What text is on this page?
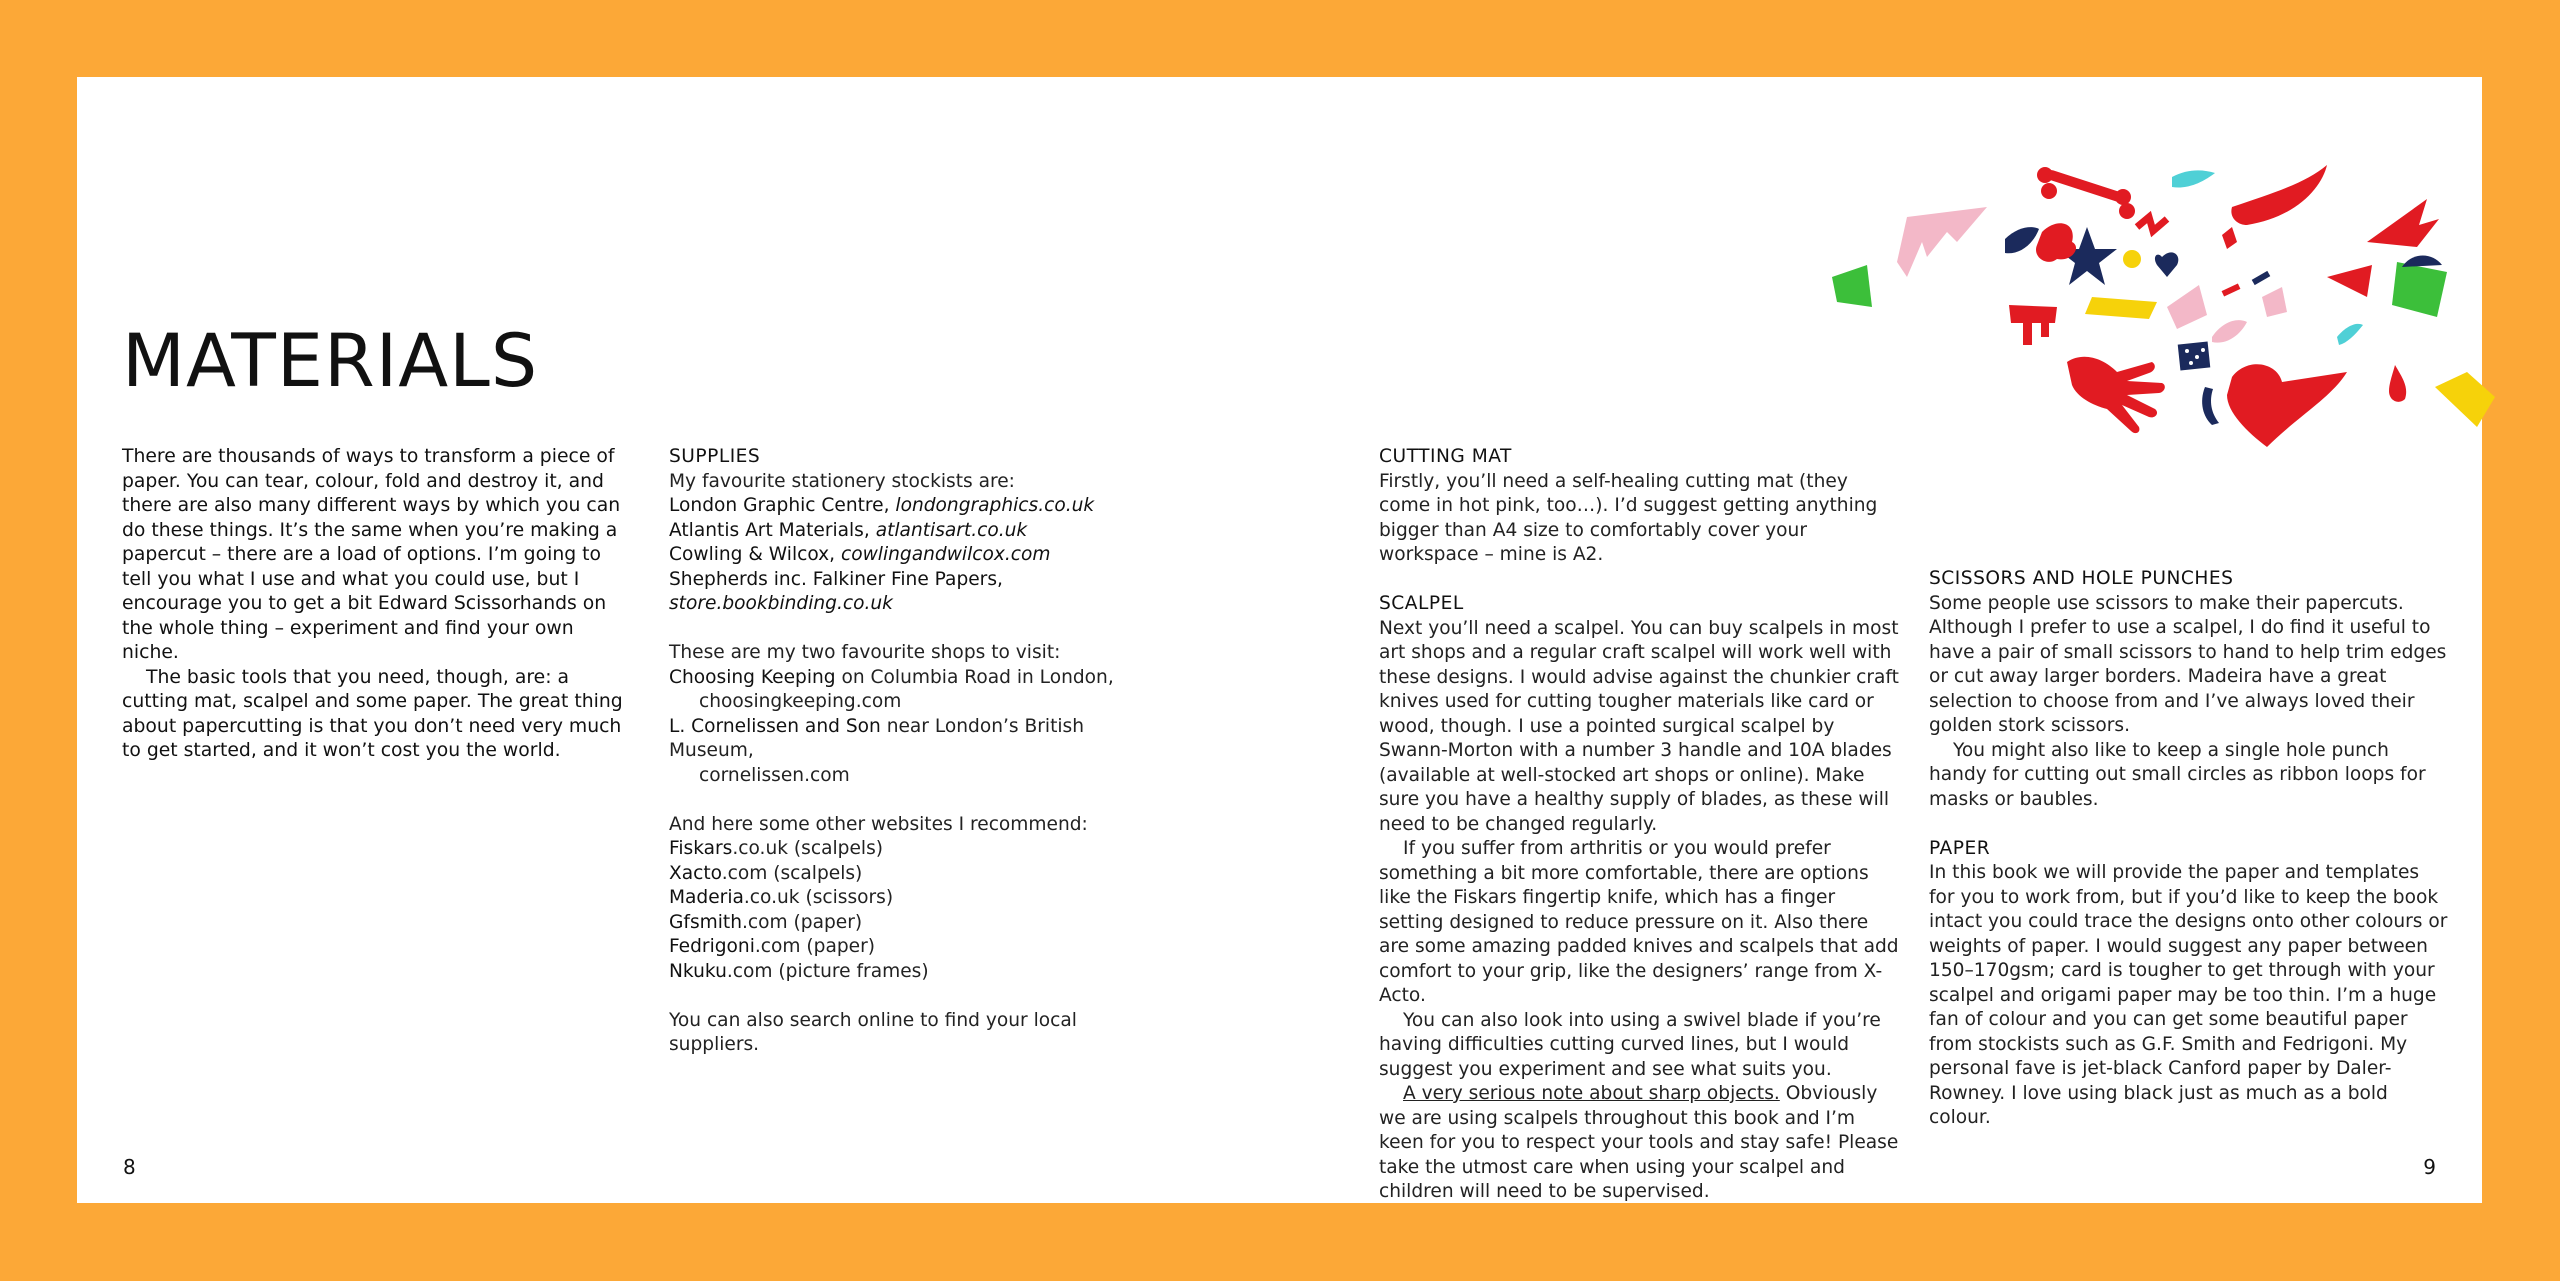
MATERIALS

There are thousands of ways to transform a piece of paper. You can tear, colour, fold and destroy it, and there are also many different ways by which you can do these things. It’s the same when you’re making a papercut – there are a load of options. I’m going to tell you what I use and what you could use, but I encourage you to get a bit Edward Scissorhands on the whole thing – experiment and find your own niche.

The basic tools that you need, though, are: a cutting mat, scalpel and some paper. The great thing about papercutting is that you don’t need very much to get started, and it won’t cost you the world.

SUPPLIES

My favourite stationery stockists are:

London Graphic Centre, londongraphics.co.uk

Atlantis Art Materials, atlantisart.co.uk

Cowling & Wilcox, cowlingandwilcox.com

Shepherds inc. Falkiner Fine Papers, store.bookbinding.co.uk

These are my two favourite shops to visit:

Choosing Keeping on Columbia Road in London,

choosingkeeping.com

L. Cornelissen and Son near London’s British Museum,

cornelissen.com

And here some other websites I recommend:

Fiskars.co.uk (scalpels)

Xacto.com (scalpels)

Maderia.co.uk (scissors)

Gfsmith.com (paper)

Fedrigoni.com (paper)

Nkuku.com (picture frames)

You can also search online to find your local suppliers.

CUTTING MAT

Firstly, you’ll need a self-healing cutting mat (they come in hot pink, too…). I’d suggest getting anything bigger than A4 size to comfortably cover your workspace – mine is A2.

SCALPEL

Next you’ll need a scalpel. You can buy scalpels in most art shops and a regular craft scalpel will work well with these designs. I would advise against the chunkier craft knives used for cutting tougher materials like card or wood, though. I use a pointed surgical scalpel by Swann-Morton with a number 3 handle and 10A blades (available at well-stocked art shops or online). Make sure you have a healthy supply of blades, as these will need to be changed regularly.

If you suffer from arthritis or you would prefer something a bit more comfortable, there are options like the Fiskars fingertip knife, which has a finger setting designed to reduce pressure on it. Also there are some amazing padded knives and scalpels that add comfort to your grip, like the designers’ range from X-Acto.

You can also look into using a swivel blade if you’re having difficulties cutting curved lines, but I would suggest you experiment and see what suits you.

A very serious note about sharp objects. Obviously we are using scalpels throughout this book and I’m keen for you to respect your tools and stay safe! Please take the utmost care when using your scalpel and children will need to be supervised.

SCISSORS AND HOLE PUNCHES

Some people use scissors to make their papercuts. Although I prefer to use a scalpel, I do find it useful to have a pair of small scissors to hand to help trim edges or cut away larger borders. Madeira have a great selection to choose from and I’ve always loved their golden stork scissors.

You might also like to keep a single hole punch handy for cutting out small circles as ribbon loops for masks or baubles.

PAPER

In this book we will provide the paper and templates for you to work from, but if you’d like to keep the book intact you could trace the designs onto other colours or weights of paper. I would suggest any paper between 150–170gsm; card is tougher to get through with your scalpel and origami paper may be too thin. I’m a huge fan of colour and you can get some beautiful paper from stockists such as G.F. Smith and Fedrigoni. My personal fave is jet-black Canford paper by Daler-Rowney. I love using black just as much as a bold colour.

8	9
